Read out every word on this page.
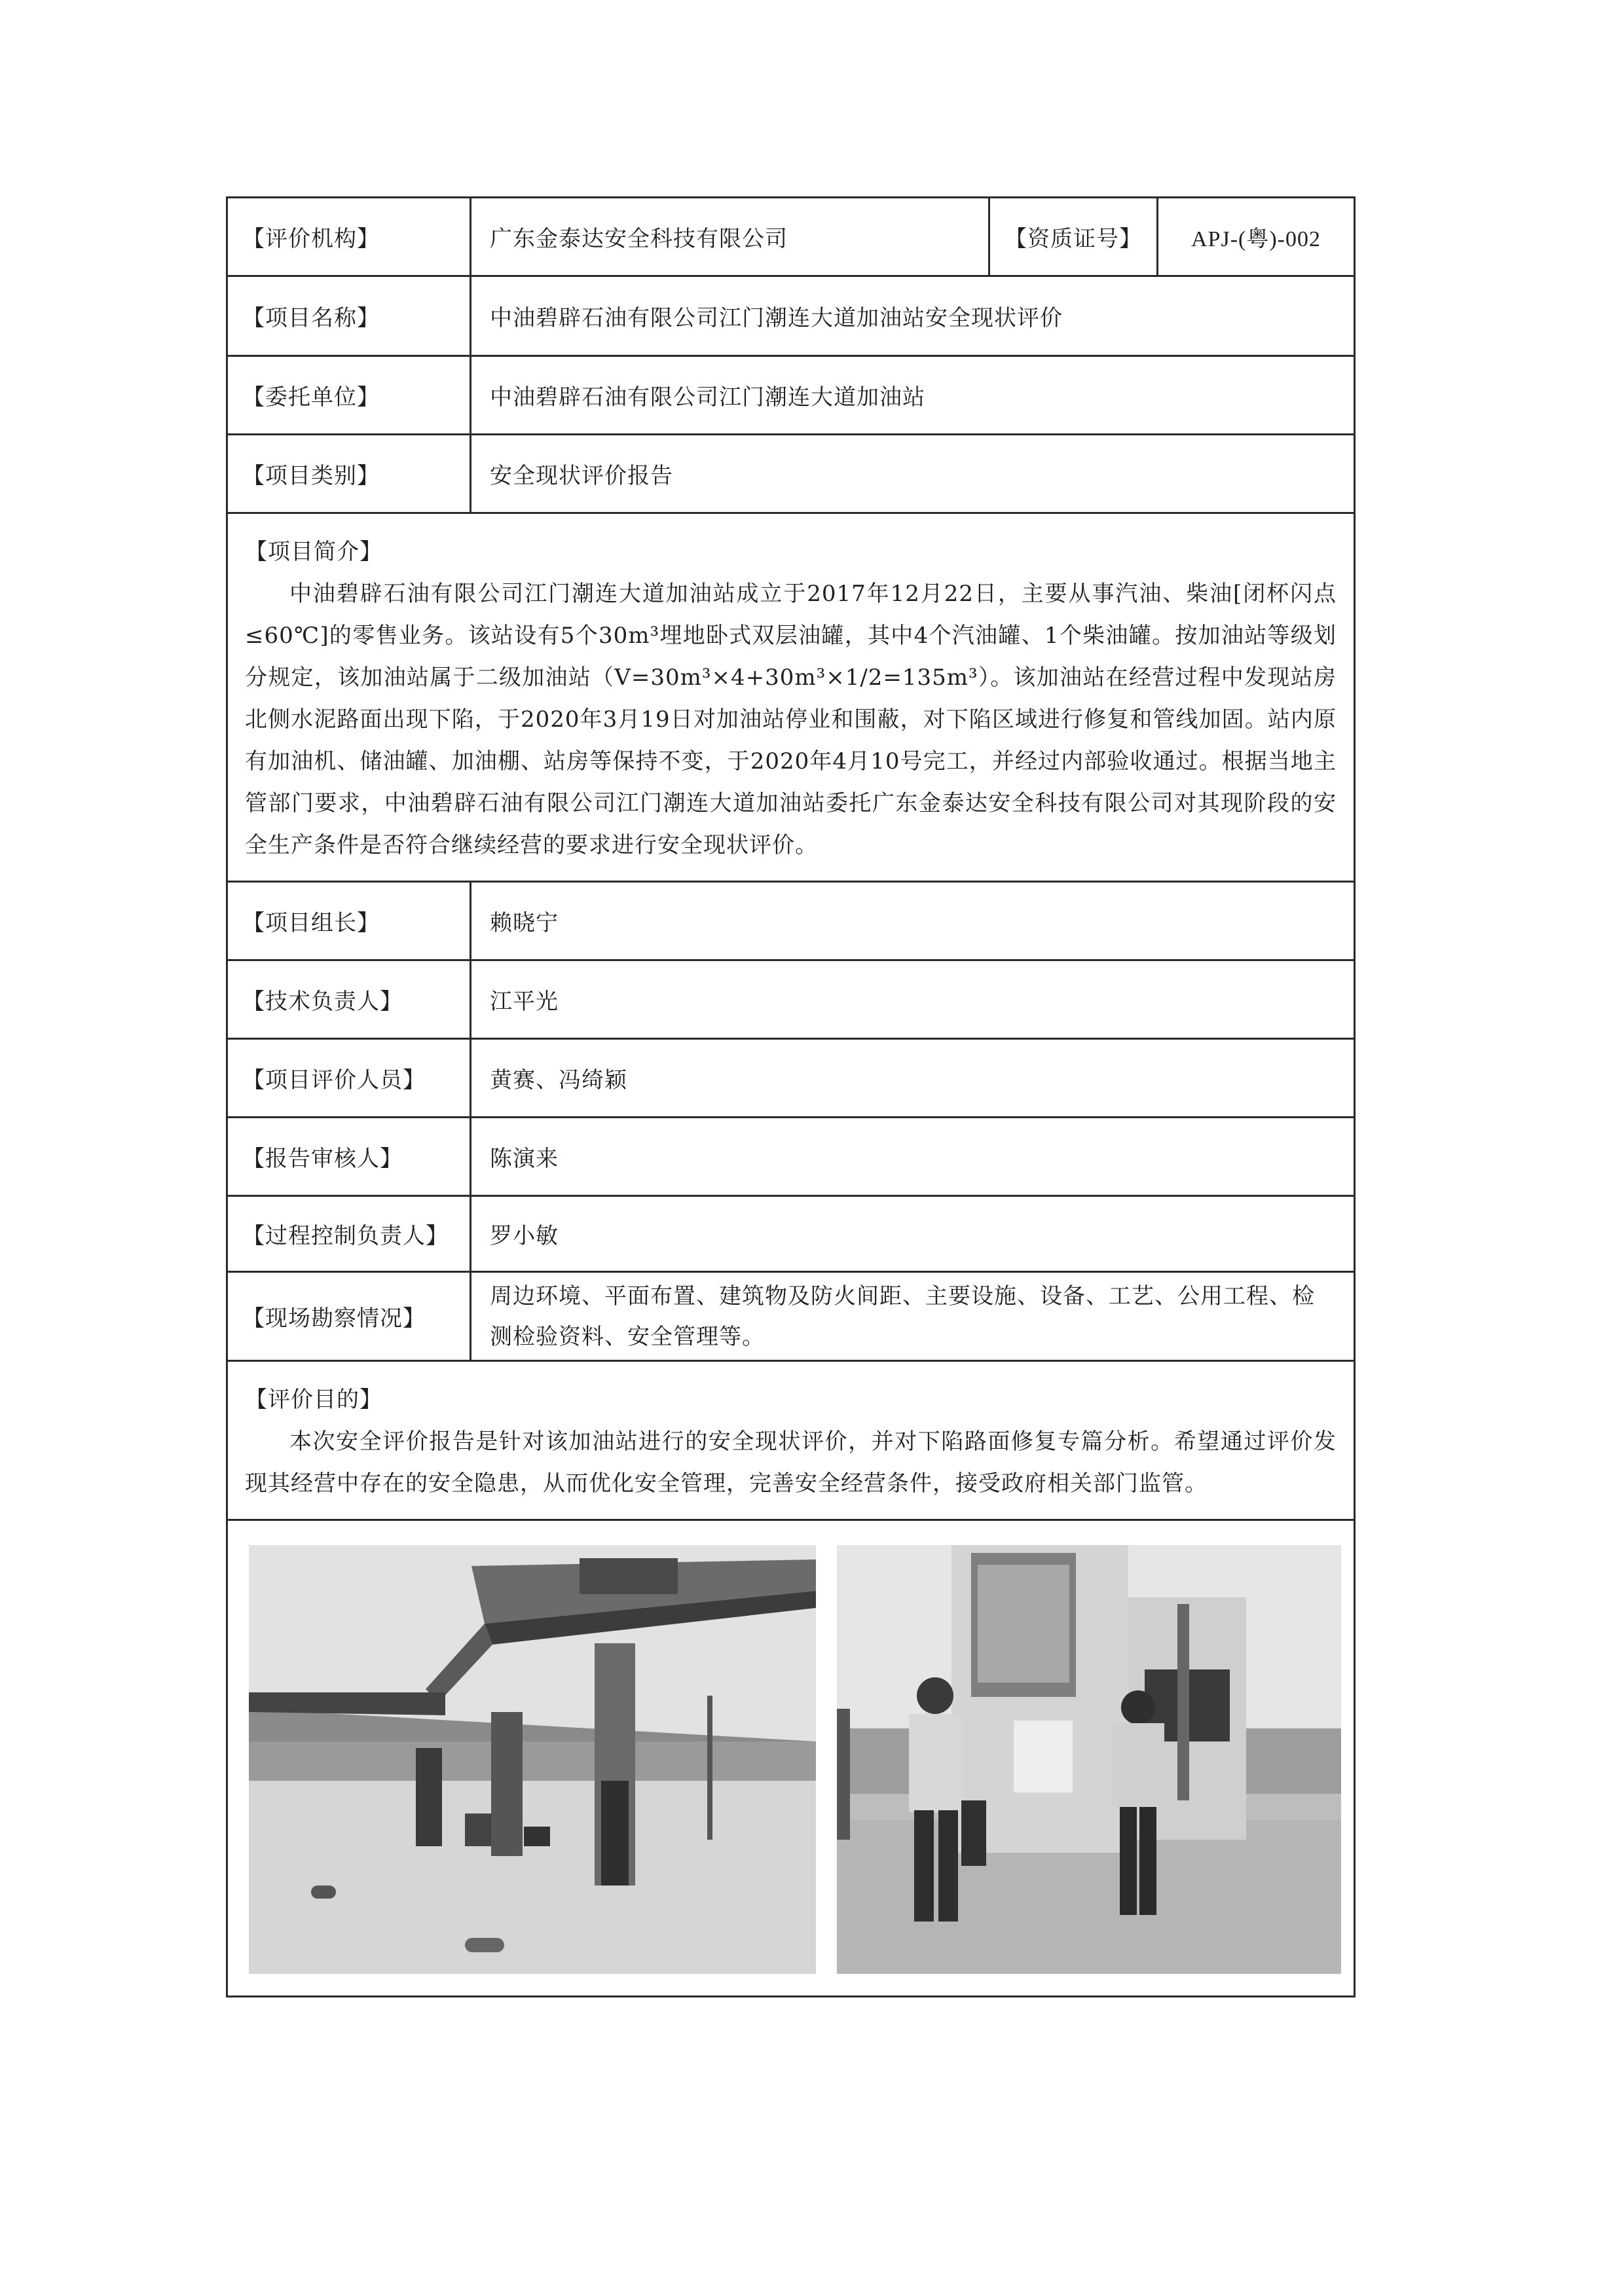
【评价机构】	广东金泰达安全科技有限公司	【资质证号】	APJ-(粤)-002
【项目名称】	中油碧辟石油有限公司江门潮连大道加油站安全现状评价
【委托单位】	中油碧辟石油有限公司江门潮连大道加油站
【项目类别】	安全现状评价报告
【项目简介】
中油碧辟石油有限公司江门潮连大道加油站成立于2017年12月22日，主要从事汽油、柴油[闭杯闪点≤60℃]的零售业务。该站设有5个30m³埋地卧式双层油罐，其中4个汽油罐、1个柴油罐。按加油站等级划分规定，该加油站属于二级加油站（V=30m³×4+30m³×1/2=135m³）。该加油站在经营过程中发现站房北侧水泥路面出现下陷，于2020年3月19日对加油站停业和围蔽，对下陷区域进行修复和管线加固。站内原有加油机、储油罐、加油棚、站房等保持不变，于2020年4月10号完工，并经过内部验收通过。根据当地主管部门要求，中油碧辟石油有限公司江门潮连大道加油站委托广东金泰达安全科技有限公司对其现阶段的安全生产条件是否符合继续经营的要求进行安全现状评价。
【项目组长】	赖晓宁
【技术负责人】	江平光
【项目评价人员】	黄赛、冯绮颖
【报告审核人】	陈演来
【过程控制负责人】	罗小敏
【现场勘察情况】
周边环境、平面布置、建筑物及防火间距、主要设施、设备、工艺、公用工程、检测检验资料、安全管理等。
【评价目的】
本次安全评价报告是针对该加油站进行的安全现状评价，并对下陷路面修复专篇分析。希望通过评价发现其经营中存在的安全隐患，从而优化安全管理，完善安全经营条件，接受政府相关部门监管。
